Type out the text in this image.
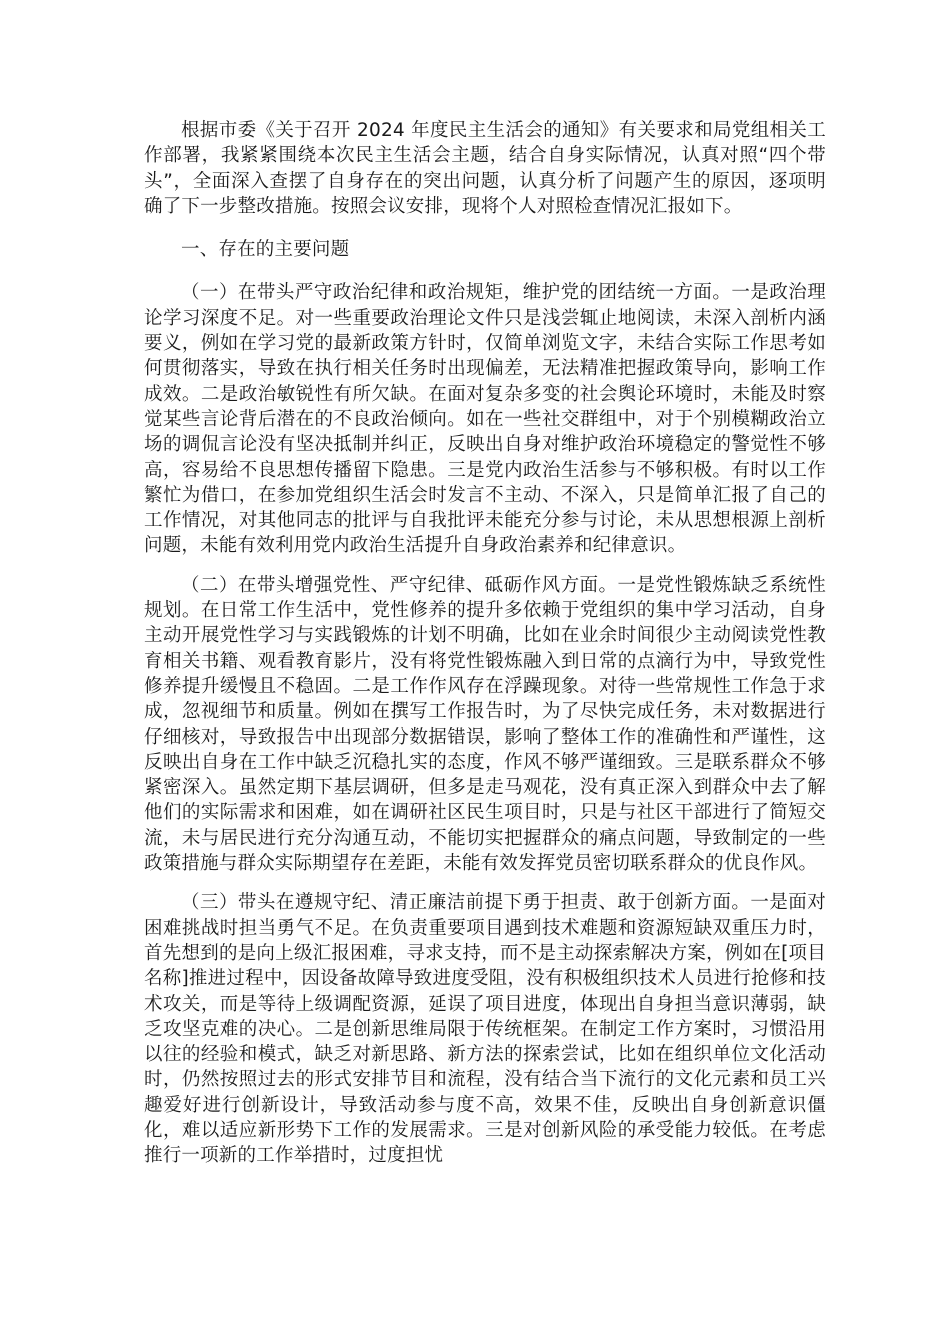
根据市委《关于召开 2024 年度民主生活会的通知》有关要求和局党组相关工作部署，我紧紧围绕本次民主生活会主题，结合自身实际情况，认真对照“四个带头”，全面深入查摆了自身存在的突出问题，认真分析了问题产生的原因，逐项明确了下一步整改措施。按照会议安排，现将个人对照检查情况汇报如下。

一、存在的主要问题

（一）在带头严守政治纪律和政治规矩，维护党的团结统一方面。一是政治理论学习深度不足。对一些重要政治理论文件只是浅尝辄止地阅读，未深入剖析内涵要义，例如在学习党的最新政策方针时，仅简单浏览文字，未结合实际工作思考如何贯彻落实，导致在执行相关任务时出现偏差，无法精准把握政策导向，影响工作成效。二是政治敏锐性有所欠缺。在面对复杂多变的社会舆论环境时，未能及时察觉某些言论背后潜在的不良政治倾向。如在一些社交群组中，对于个别模糊政治立场的调侃言论没有坚决抵制并纠正，反映出自身对维护政治环境稳定的警觉性不够高，容易给不良思想传播留下隐患。三是党内政治生活参与不够积极。有时以工作繁忙为借口，在参加党组织生活会时发言不主动、不深入，只是简单汇报了自己的工作情况，对其他同志的批评与自我批评未能充分参与讨论，未从思想根源上剖析问题，未能有效利用党内政治生活提升自身政治素养和纪律意识。

（二）在带头增强党性、严守纪律、砥砺作风方面。一是党性锻炼缺乏系统性规划。在日常工作生活中，党性修养的提升多依赖于党组织的集中学习活动，自身主动开展党性学习与实践锻炼的计划不明确，比如在业余时间很少主动阅读党性教育相关书籍、观看教育影片，没有将党性锻炼融入到日常的点滴行为中，导致党性修养提升缓慢且不稳固。二是工作作风存在浮躁现象。对待一些常规性工作急于求成，忽视细节和质量。例如在撰写工作报告时，为了尽快完成任务，未对数据进行仔细核对，导致报告中出现部分数据错误，影响了整体工作的准确性和严谨性，这反映出自身在工作中缺乏沉稳扎实的态度，作风不够严谨细致。三是联系群众不够紧密深入。虽然定期下基层调研，但多是走马观花，没有真正深入到群众中去了解他们的实际需求和困难，如在调研社区民生项目时，只是与社区干部进行了简短交流，未与居民进行充分沟通互动，不能切实把握群众的痛点问题，导致制定的一些政策措施与群众实际期望存在差距，未能有效发挥党员密切联系群众的优良作风。

（三）带头在遵规守纪、清正廉洁前提下勇于担责、敢于创新方面。一是面对困难挑战时担当勇气不足。在负责重要项目遇到技术难题和资源短缺双重压力时，首先想到的是向上级汇报困难，寻求支持，而不是主动探索解决方案，例如在[项目名称]推进过程中，因设备故障导致进度受阻，没有积极组织技术人员进行抢修和技术攻关，而是等待上级调配资源，延误了项目进度，体现出自身担当意识薄弱，缺乏攻坚克难的决心。二是创新思维局限于传统框架。在制定工作方案时，习惯沿用以往的经验和模式，缺乏对新思路、新方法的探索尝试，比如在组织单位文化活动时，仍然按照过去的形式安排节目和流程，没有结合当下流行的文化元素和员工兴趣爱好进行创新设计，导致活动参与度不高，效果不佳，反映出自身创新意识僵化，难以适应新形势下工作的发展需求。三是对创新风险的承受能力较低。在考虑推行一项新的工作举措时，过度担忧
